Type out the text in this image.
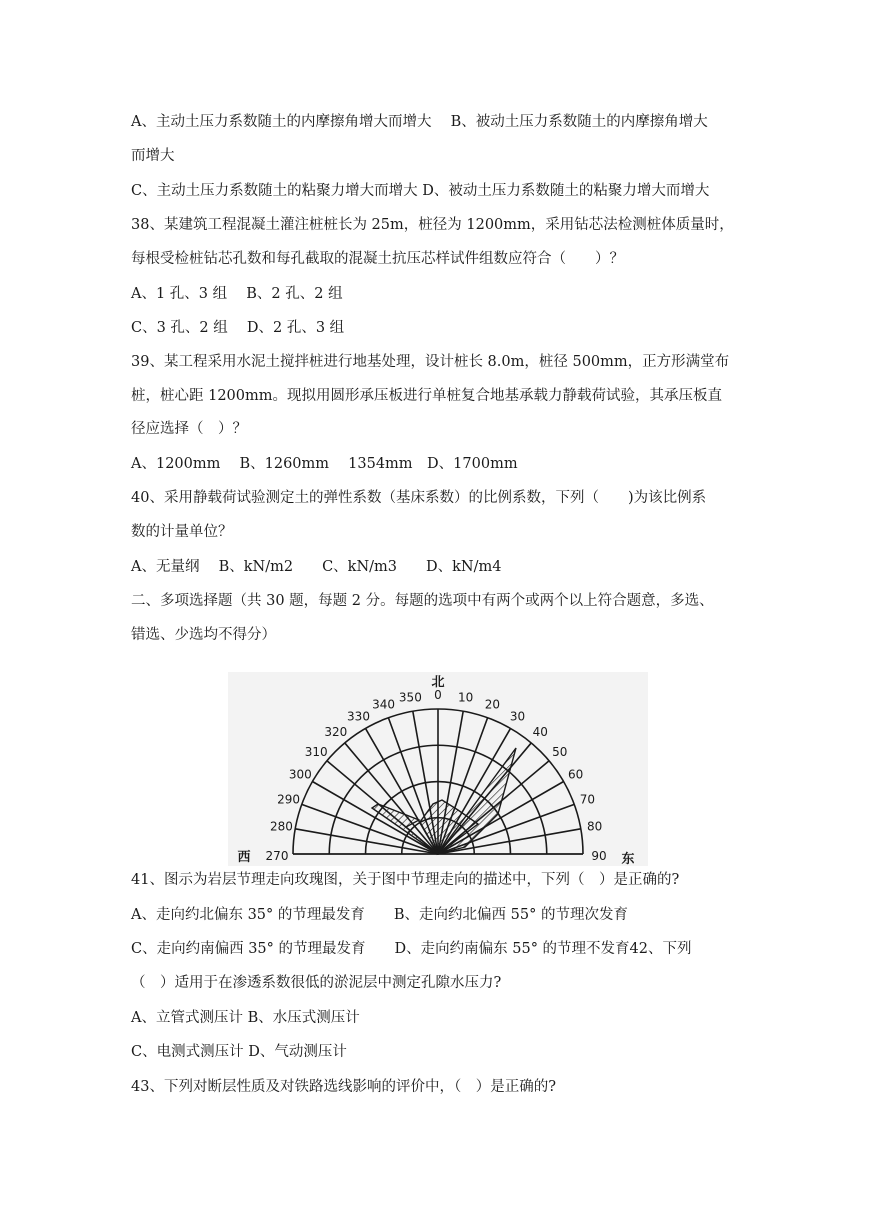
A、主动土压力系数随土的内摩擦角增大而增大　 B、被动土压力系数随土的内摩擦角增大
而增大
C、主动土压力系数随土的粘聚力增大而增大 D、被动土压力系数随土的粘聚力增大而增大
38、某建筑工程混凝土灌注桩桩长为 25m，桩径为 1200mm，采用钻芯法检测桩体质量时，
每根受检桩钻芯孔数和每孔截取的混凝土抗压芯样试件组数应符合（　　）？
A、1 孔、3 组　 B、2 孔、2 组
C、3 孔、2 组　 D、2 孔、3 组
39、某工程采用水泥土搅拌桩进行地基处理，设计桩长 8.0m，桩径 500mm，正方形满堂布
桩，桩心距 1200mm。现拟用圆形承压板进行单桩复合地基承载力静载荷试验，其承压板直
径应选择（　）？
A、1200mm　 B、1260mm　 1354mm　D、1700mm
40、采用静载荷试验测定土的弹性系数（基床系数）的比例系数，下列（　　)为该比例系
数的计量单位？
A、无量纲　 B、kN/m2　　C、kN/m3　　D、kN/m4
二、多项选择题（共 30 题，每题 2 分。每题的选项中有两个或两个以上符合题意，多选、
错选、少选均不得分）
270
280
290
300
310
320
330
340
350 0 10
20
30
40
50
60
70
80
90
北
西	东
41、图示为岩层节理走向玫瑰图，关于图中节理走向的描述中，下列（　）是正确的?
A、走向约北偏东 35° 的节理最发育　　B、走向约北偏西 55° 的节理次发育
C、走向约南偏西 35° 的节理最发育　　D、走向约南偏东 55° 的节理不发育42、下列
（　）适用于在渗透系数很低的淤泥层中测定孔隙水压力?
A、立管式测压计 B、水压式测压计
C、电测式测压计 D、气动测压计
43、下列对断层性质及对铁路选线影响的评价中，（　）是正确的?
